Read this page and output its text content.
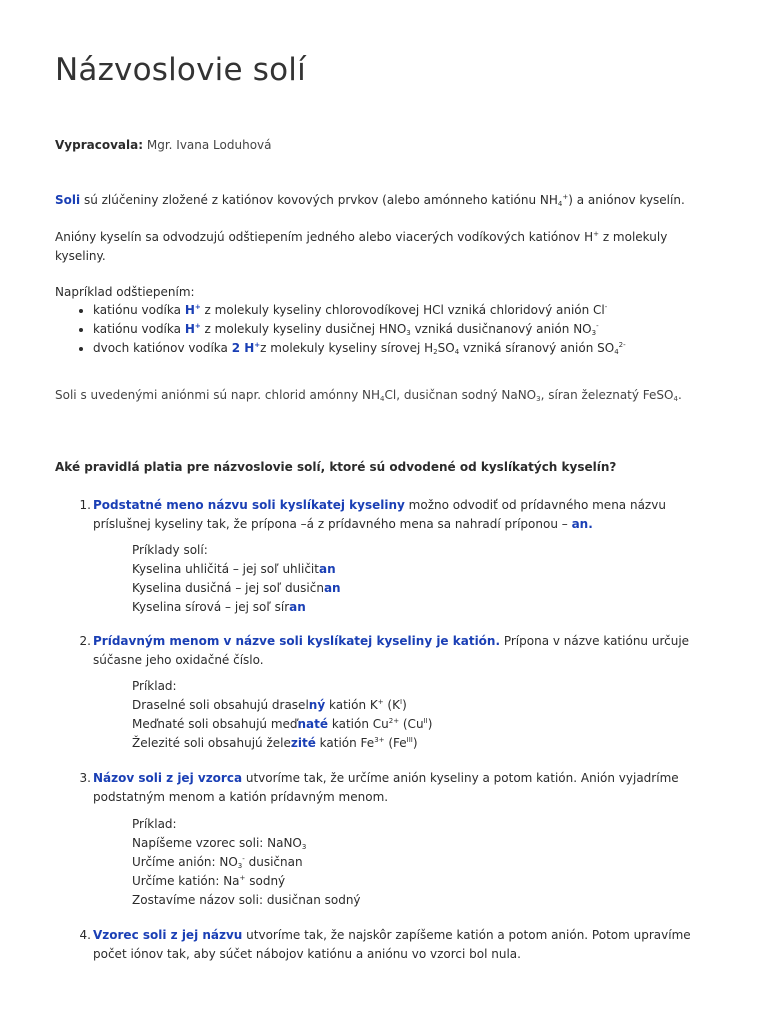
Názvoslovie solí
Vypracovala: Mgr. Ivana Loduhová
Soli sú zlúčeniny zložené z katiónov kovových prvkov (alebo amónneho katiónu $NH_4^+$) a aniónov kyselín.
Anióny kyselín sa odvodzujú odštiepením jedného alebo viacerých vodíkových katiónov H+ z molekuly
kyseliny.
Napríklad odštiepením:
• katiónu vodíka H+ z molekuly kyseliny chlorovodíkovej HCl vzniká chloridový anión Cl-
• katiónu vodíka H+ z molekuly kyseliny dusičnej $HNO_3$ vzniká dusičnanový anión $NO_3^-$
• dvoch katiónov vodíka 2 H+z molekuly kyseliny sírovej $H_2SO_4$ vzniká síranový anión $SO_4^{2-}$
Soli s uvedenými aniónmi sú napr. chlorid amónny $NH_4Cl$, dusičnan sodný NaNO$_3$, síran železnatý FeSO$_4$.
Aké pravidlá platia pre názvoslovie solí, ktoré sú odvodené od kyslíkatých kyselín?
1. Podstatné meno názvu soli kyslíkatej kyseliny možno odvodiť od prídavného mena názvu
príslušnej kyseliny tak, že prípona –á z prídavného mena sa nahradí príponou – an.
Príklady solí:
Kyselina uhličitá – jej soľ uhličitan
Kyselina dusičná – jej soľ dusičnan
Kyselina sírová – jej soľ síran
2. Prídavným menom v názve soli kyslíkatej kyseliny je katión. Prípona v názve katiónu určuje
súčasne jeho oxidačné číslo.
Príklad:
Draselné soli obsahujú draselný katión K+ $(K^I)$
Meďnaté soli obsahujú meďnaté katión $Cu^{2+}$ $(Cu^{II})$
Železité soli obsahujú železité katión $Fe^{3+}$ $(Fe^{III})$
3. Názov soli z jej vzorca utvoríme tak, že určíme anión kyseliny a potom katión. Anión vyjadríme
podstatným menom a katión prídavným menom.
Príklad:
Napíšeme vzorec soli: NaNO$_3$
Určíme anión: $NO_3^-$ dusičnan
Určíme katión: Na+ sodný
Zostavíme názov soli: dusičnan sodný
4. Vzorec soli z jej názvu utvoríme tak, že najskôr zapíšeme katión a potom anión. Potom upravíme
počet iónov tak, aby súčet nábojov katiónu a aniónu vo vzorci bol nula.
